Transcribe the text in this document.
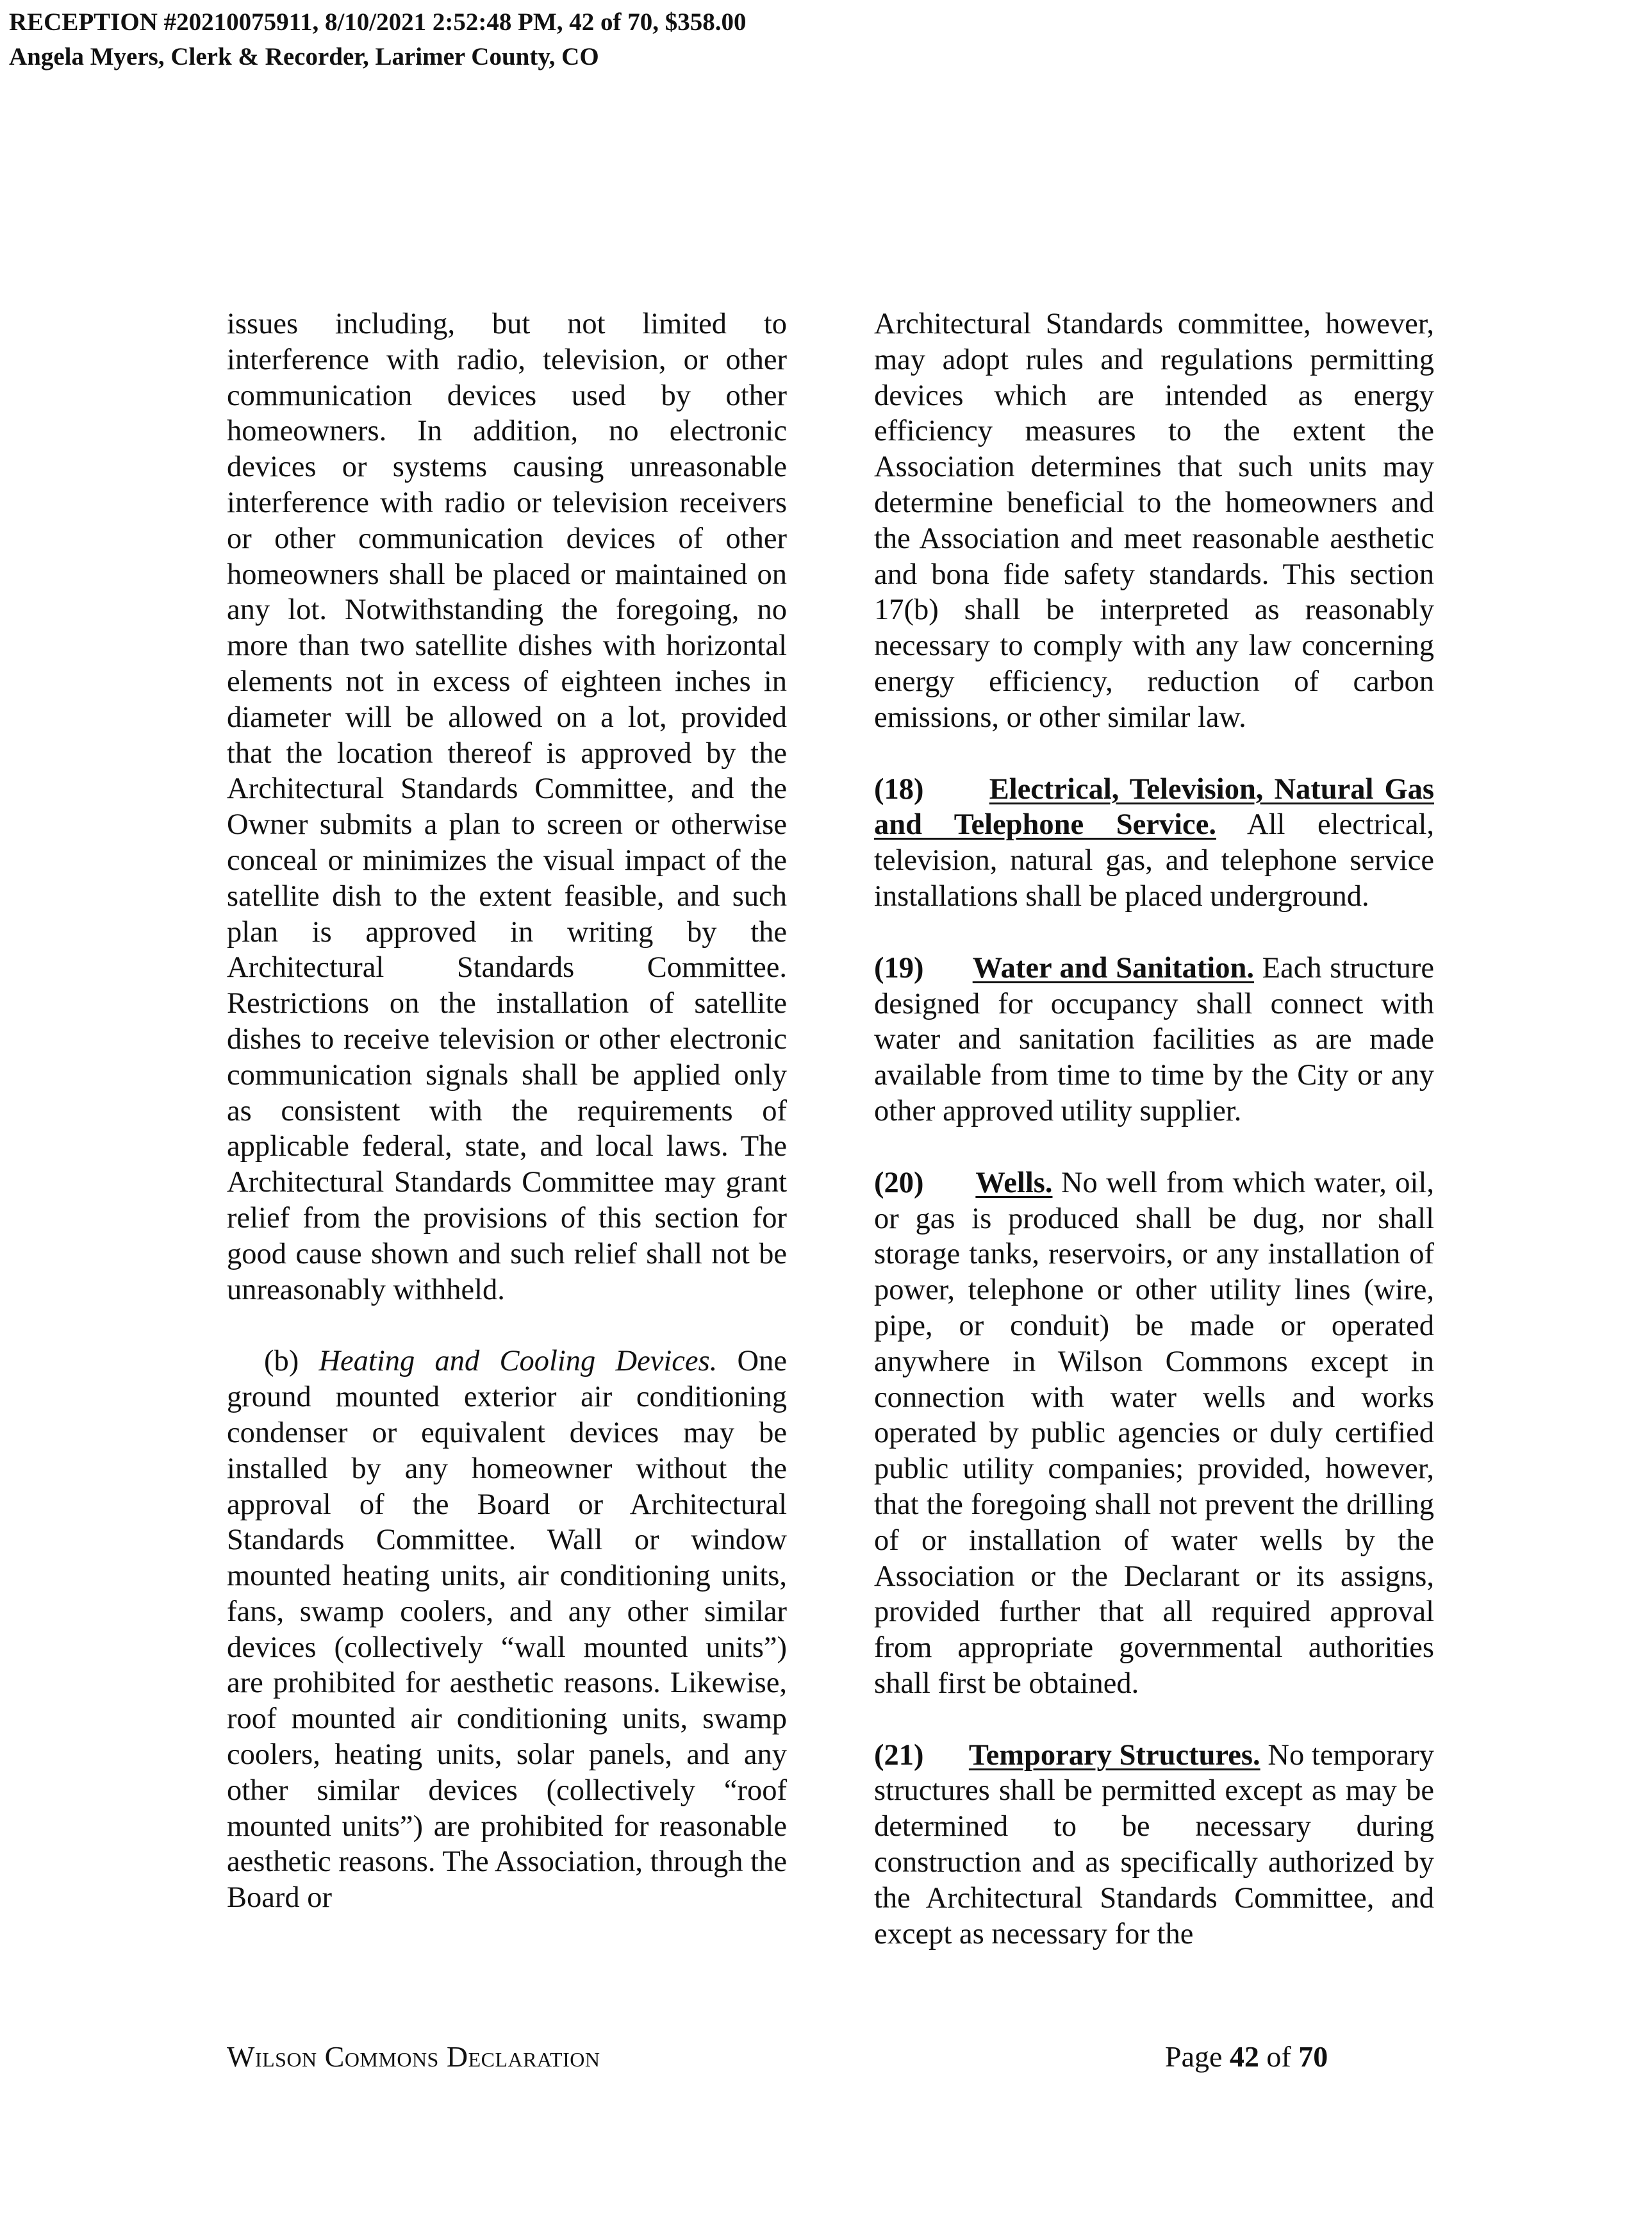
RECEPTION #20210075911, 8/10/2021 2:52:48 PM, 42 of 70, $358.00
Angela Myers, Clerk & Recorder, Larimer County, CO

issues including, but not limited to interference with radio, television, or other communication devices used by other homeowners. In addition, no electronic devices or systems causing unreasonable interference with radio or television receivers or other communication devices of other homeowners shall be placed or maintained on any lot. Notwithstanding the foregoing, no more than two satellite dishes with horizontal elements not in excess of eighteen inches in diameter will be allowed on a lot, provided that the location thereof is approved by the Architectural Standards Committee, and the Owner submits a plan to screen or otherwise conceal or minimizes the visual impact of the satellite dish to the extent feasible, and such plan is approved in writing by the Architectural Standards Committee. Restrictions on the installation of satellite dishes to receive television or other electronic communication signals shall be applied only as consistent with the requirements of applicable federal, state, and local laws. The Architectural Standards Committee may grant relief from the provisions of this section for good cause shown and such relief shall not be unreasonably withheld.

(b) Heating and Cooling Devices. One ground mounted exterior air conditioning condenser or equivalent devices may be installed by any homeowner without the approval of the Board or Architectural Standards Committee. Wall or window mounted heating units, air conditioning units, fans, swamp coolers, and any other similar devices (collectively “wall mounted units”) are prohibited for aesthetic reasons. Likewise, roof mounted air conditioning units, swamp coolers, heating units, solar panels, and any other similar devices (collectively “roof mounted units”) are prohibited for reasonable aesthetic reasons. The Association, through the Board or

Architectural Standards committee, however, may adopt rules and regulations permitting devices which are intended as energy efficiency measures to the extent the Association determines that such units may determine beneficial to the homeowners and the Association and meet reasonable aesthetic and bona fide safety standards. This section 17(b) shall be interpreted as reasonably necessary to comply with any law concerning energy efficiency, reduction of carbon emissions, or other similar law.

(18) Electrical, Television, Natural Gas and Telephone Service. All electrical, television, natural gas, and telephone service installations shall be placed underground.

(19) Water and Sanitation. Each structure designed for occupancy shall connect with water and sanitation facilities as are made available from time to time by the City or any other approved utility supplier.

(20) Wells. No well from which water, oil, or gas is produced shall be dug, nor shall storage tanks, reservoirs, or any installation of power, telephone or other utility lines (wire, pipe, or conduit) be made or operated anywhere in Wilson Commons except in connection with water wells and works operated by public agencies or duly certified public utility companies; provided, however, that the foregoing shall not prevent the drilling of or installation of water wells by the Association or the Declarant or its assigns, provided further that all required approval from appropriate governmental authorities shall first be obtained.

(21) Temporary Structures. No temporary structures shall be permitted except as may be determined to be necessary during construction and as specifically authorized by the Architectural Standards Committee, and except as necessary for the

Wilson Commons Declaration	Page 42 of 70
